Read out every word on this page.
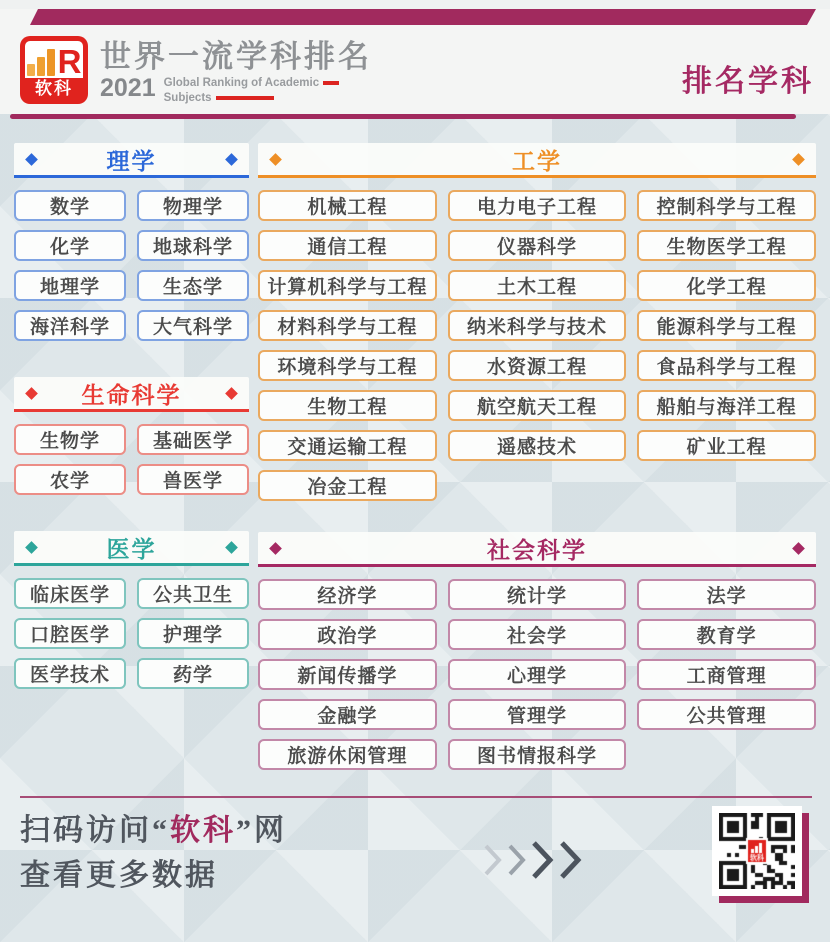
R
软科
世界一流学科排名
2021 Global Ranking of Academic
Subjects	排名学科
理学
数学	物理学
化学	地球科学
地理学	生态学
海洋科学	大气科学
生命科学
生物学	基础医学
农学	兽医学
医学
临床医学	公共卫生
口腔医学	护理学
医学技术	药学
工学
机械工程	电力电子工程	控制科学与工程
通信工程	仪器科学	生物医学工程
计算机科学与工程	土木工程	化学工程
材料科学与工程	纳米科学与技术	能源科学与工程
环境科学与工程	水资源工程	食品科学与工程
生物工程	航空航天工程	船舶与海洋工程
交通运输工程	遥感技术	矿业工程
冶金工程
社会科学
经济学	统计学	法学
政治学	社会学	教育学
新闻传播学	心理学	工商管理
金融学	管理学	公共管理
旅游休闲管理	图书情报科学
扫码访问“软科”网
查看更多数据
